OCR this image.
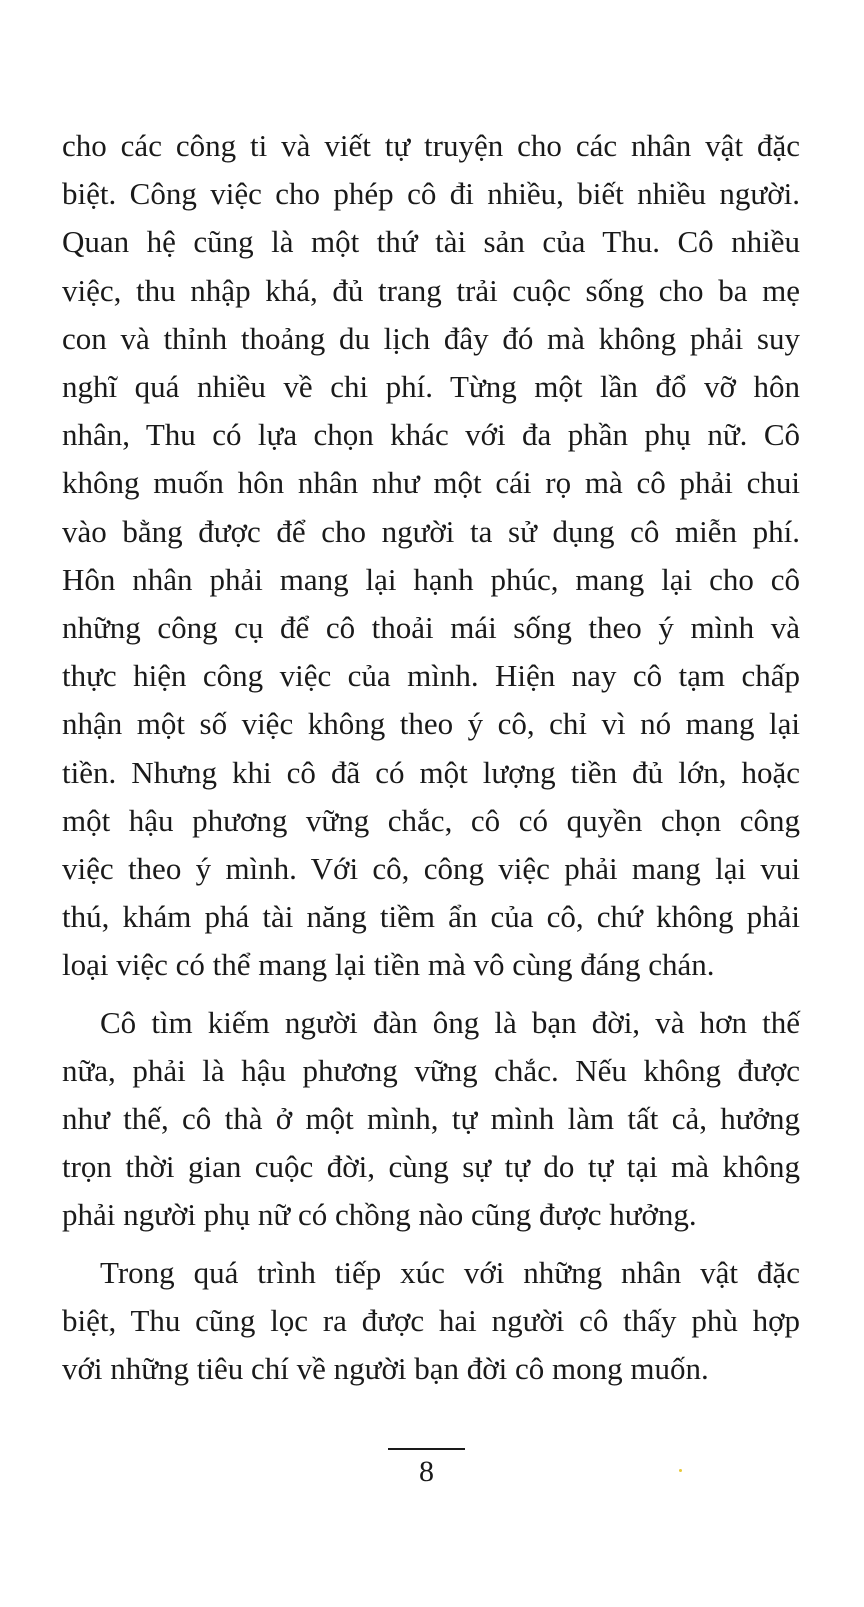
cho các công ti và viết tự truyện cho các nhân vật đặc
biệt. Công việc cho phép cô đi nhiều, biết nhiều người.
Quan hệ cũng là một thứ tài sản của Thu. Cô nhiều
việc, thu nhập khá, đủ trang trải cuộc sống cho ba mẹ
con và thỉnh thoảng du lịch đây đó mà không phải suy
nghĩ quá nhiều về chi phí. Từng một lần đổ vỡ hôn
nhân, Thu có lựa chọn khác với đa phần phụ nữ. Cô
không muốn hôn nhân như một cái rọ mà cô phải chui
vào bằng được để cho người ta sử dụng cô miễn phí.
Hôn nhân phải mang lại hạnh phúc, mang lại cho cô
những công cụ để cô thoải mái sống theo ý mình và
thực hiện công việc của mình. Hiện nay cô tạm chấp
nhận một số việc không theo ý cô, chỉ vì nó mang lại
tiền. Nhưng khi cô đã có một lượng tiền đủ lớn, hoặc
một hậu phương vững chắc, cô có quyền chọn công
việc theo ý mình. Với cô, công việc phải mang lại vui
thú, khám phá tài năng tiềm ẩn của cô, chứ không phải
loại việc có thể mang lại tiền mà vô cùng đáng chán.
Cô tìm kiếm người đàn ông là bạn đời, và hơn thế
nữa, phải là hậu phương vững chắc. Nếu không được
như thế, cô thà ở một mình, tự mình làm tất cả, hưởng
trọn thời gian cuộc đời, cùng sự tự do tự tại mà không
phải người phụ nữ có chồng nào cũng được hưởng.
Trong quá trình tiếp xúc với những nhân vật đặc
biệt, Thu cũng lọc ra được hai người cô thấy phù hợp
với những tiêu chí về người bạn đời cô mong muốn.
8
